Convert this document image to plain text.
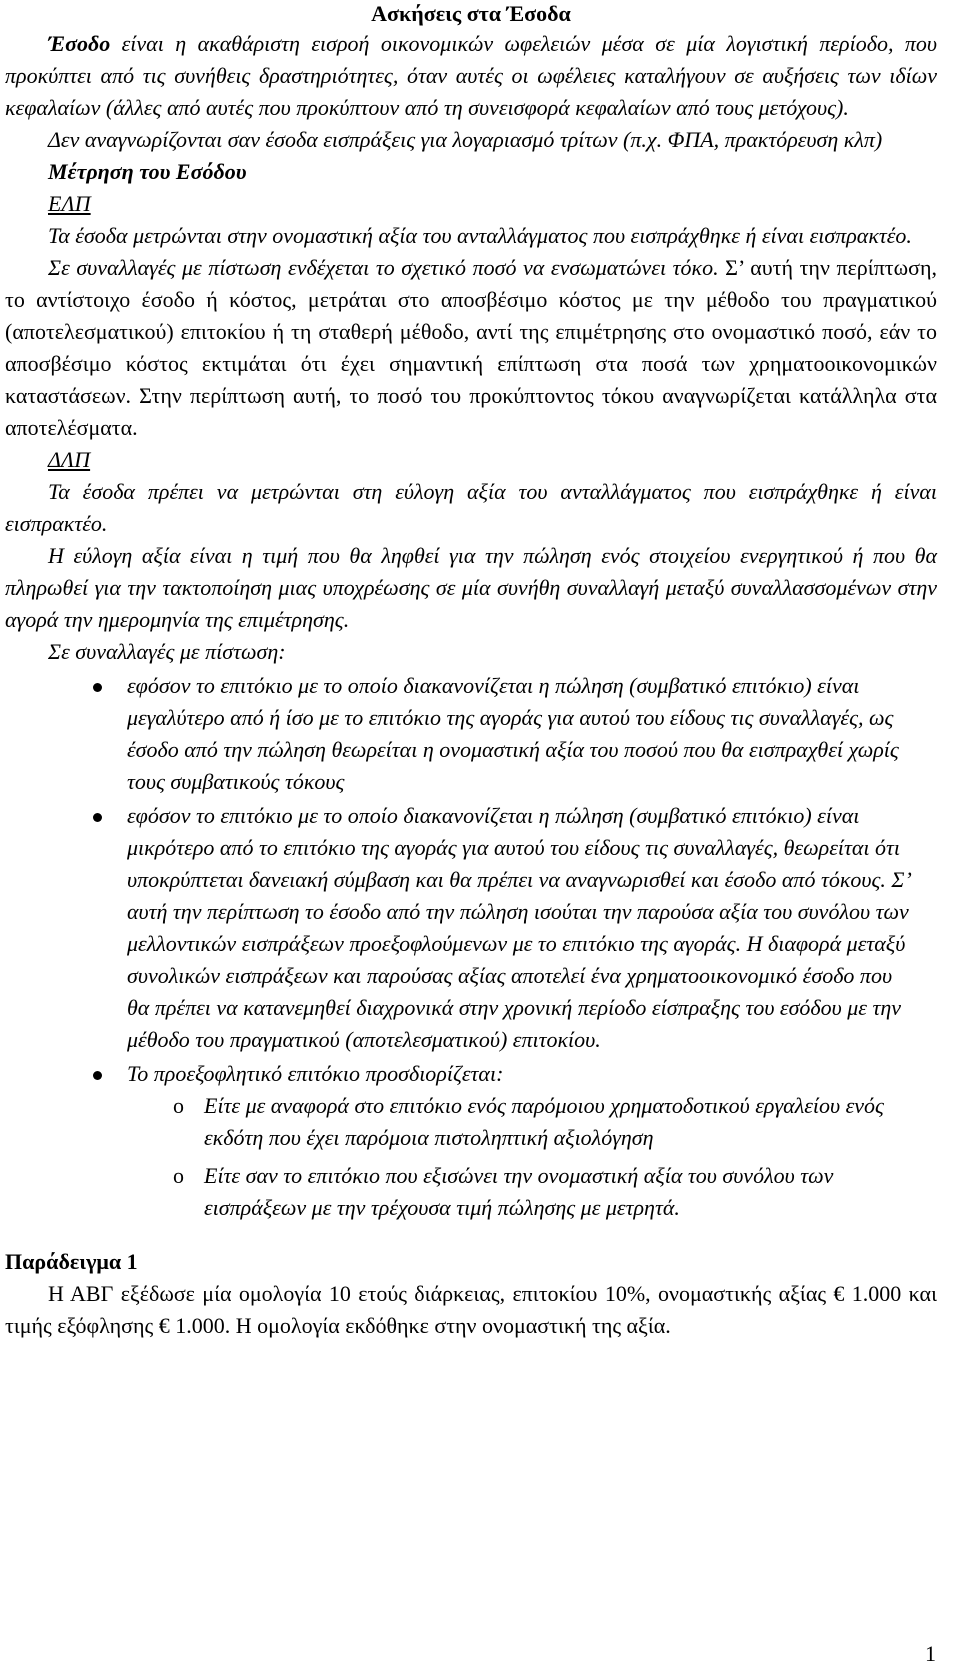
Ασκήσεις στα Έσοδα

Έσοδο είναι η ακαθάριστη εισροή οικονομικών ωφελειών μέσα σε μία λογιστική περίοδο, που προκύπτει από τις συνήθεις δραστηριότητες, όταν αυτές οι ωφέλειες καταλήγουν σε αυξήσεις των ιδίων κεφαλαίων (άλλες από αυτές που προκύπτουν από τη συνεισφορά κεφαλαίων από τους μετόχους).

Δεν αναγνωρίζονται σαν έσοδα εισπράξεις για λογαριασμό τρίτων (π.χ. ΦΠΑ, πρακτόρευση κλπ)

Μέτρηση του Εσόδου

ΕΛΠ

Τα έσοδα μετρώνται στην ονομαστική αξία του ανταλλάγματος που εισπράχθηκε ή είναι εισπρακτέο.

Σε συναλλαγές με πίστωση ενδέχεται το σχετικό ποσό να ενσωματώνει τόκο. Σ’ αυτή την περίπτωση, το αντίστοιχο έσοδο ή κόστος, μετράται στο αποσβέσιμο κόστος με την μέθοδο του πραγματικού (αποτελεσματικού) επιτοκίου ή τη σταθερή μέθοδο, αντί της επιμέτρησης στο ονομαστικό ποσό, εάν το αποσβέσιμο κόστος εκτιμάται ότι έχει σημαντική επίπτωση στα ποσά των χρηματοοικονομικών καταστάσεων. Στην περίπτωση αυτή, το ποσό του προκύπτοντος τόκου αναγνωρίζεται κατάλληλα στα αποτελέσματα.

ΔΛΠ

Τα έσοδα πρέπει να μετρώνται στη εύλογη αξία του ανταλλάγματος που εισπράχθηκε ή είναι εισπρακτέο.

Η εύλογη αξία είναι η τιμή που θα ληφθεί για την πώληση ενός στοιχείου ενεργητικού ή που θα πληρωθεί για την τακτοποίηση μιας υποχρέωσης σε μία συνήθη συναλλαγή μεταξύ συναλλασσομένων στην αγορά την ημερομηνία της επιμέτρησης.

Σε συναλλαγές με πίστωση:

εφόσον το επιτόκιο με το οποίο διακανονίζεται η πώληση (συμβατικό επιτόκιο) είναι μεγαλύτερο από ή ίσο με το επιτόκιο της αγοράς για αυτού του είδους τις συναλλαγές, ως έσοδο από την πώληση θεωρείται η ονομαστική αξία του ποσού που θα εισπραχθεί χωρίς τους συμβατικούς τόκους
εφόσον το επιτόκιο με το οποίο διακανονίζεται η πώληση (συμβατικό επιτόκιο) είναι μικρότερο από το επιτόκιο της αγοράς για αυτού του είδους τις συναλλαγές, θεωρείται ότι υποκρύπτεται δανειακή σύμβαση και θα πρέπει να αναγνωρισθεί και έσοδο από τόκους. Σ’ αυτή την περίπτωση το έσοδο από την πώληση ισούται την παρούσα αξία του συνόλου των μελλοντικών εισπράξεων προεξοφλούμενων με το επιτόκιο της αγοράς. Η διαφορά μεταξύ συνολικών εισπράξεων και παρούσας αξίας αποτελεί ένα χρηματοοικονομικό έσοδο που θα πρέπει να κατανεμηθεί διαχρονικά στην χρονική περίοδο είσπραξης του εσόδου με την μέθοδο του πραγματικού (αποτελεσματικού) επιτοκίου.
Το προεξοφλητικό επιτόκιο προσδιορίζεται:
o Είτε με αναφορά στο επιτόκιο ενός παρόμοιου χρηματοδοτικού εργαλείου ενός εκδότη που έχει παρόμοια πιστοληπτική αξιολόγηση
o Είτε σαν το επιτόκιο που εξισώνει την ονομαστική αξία του συνόλου των εισπράξεων με την τρέχουσα τιμή πώλησης με μετρητά.

Παράδειγμα 1

Η ΑΒΓ εξέδωσε μία ομολογία 10 ετούς διάρκειας, επιτοκίου 10%, ονομαστικής αξίας € 1.000 και τιμής εξόφλησης € 1.000. Η ομολογία εκδόθηκε στην ονομαστική της αξία.

1
